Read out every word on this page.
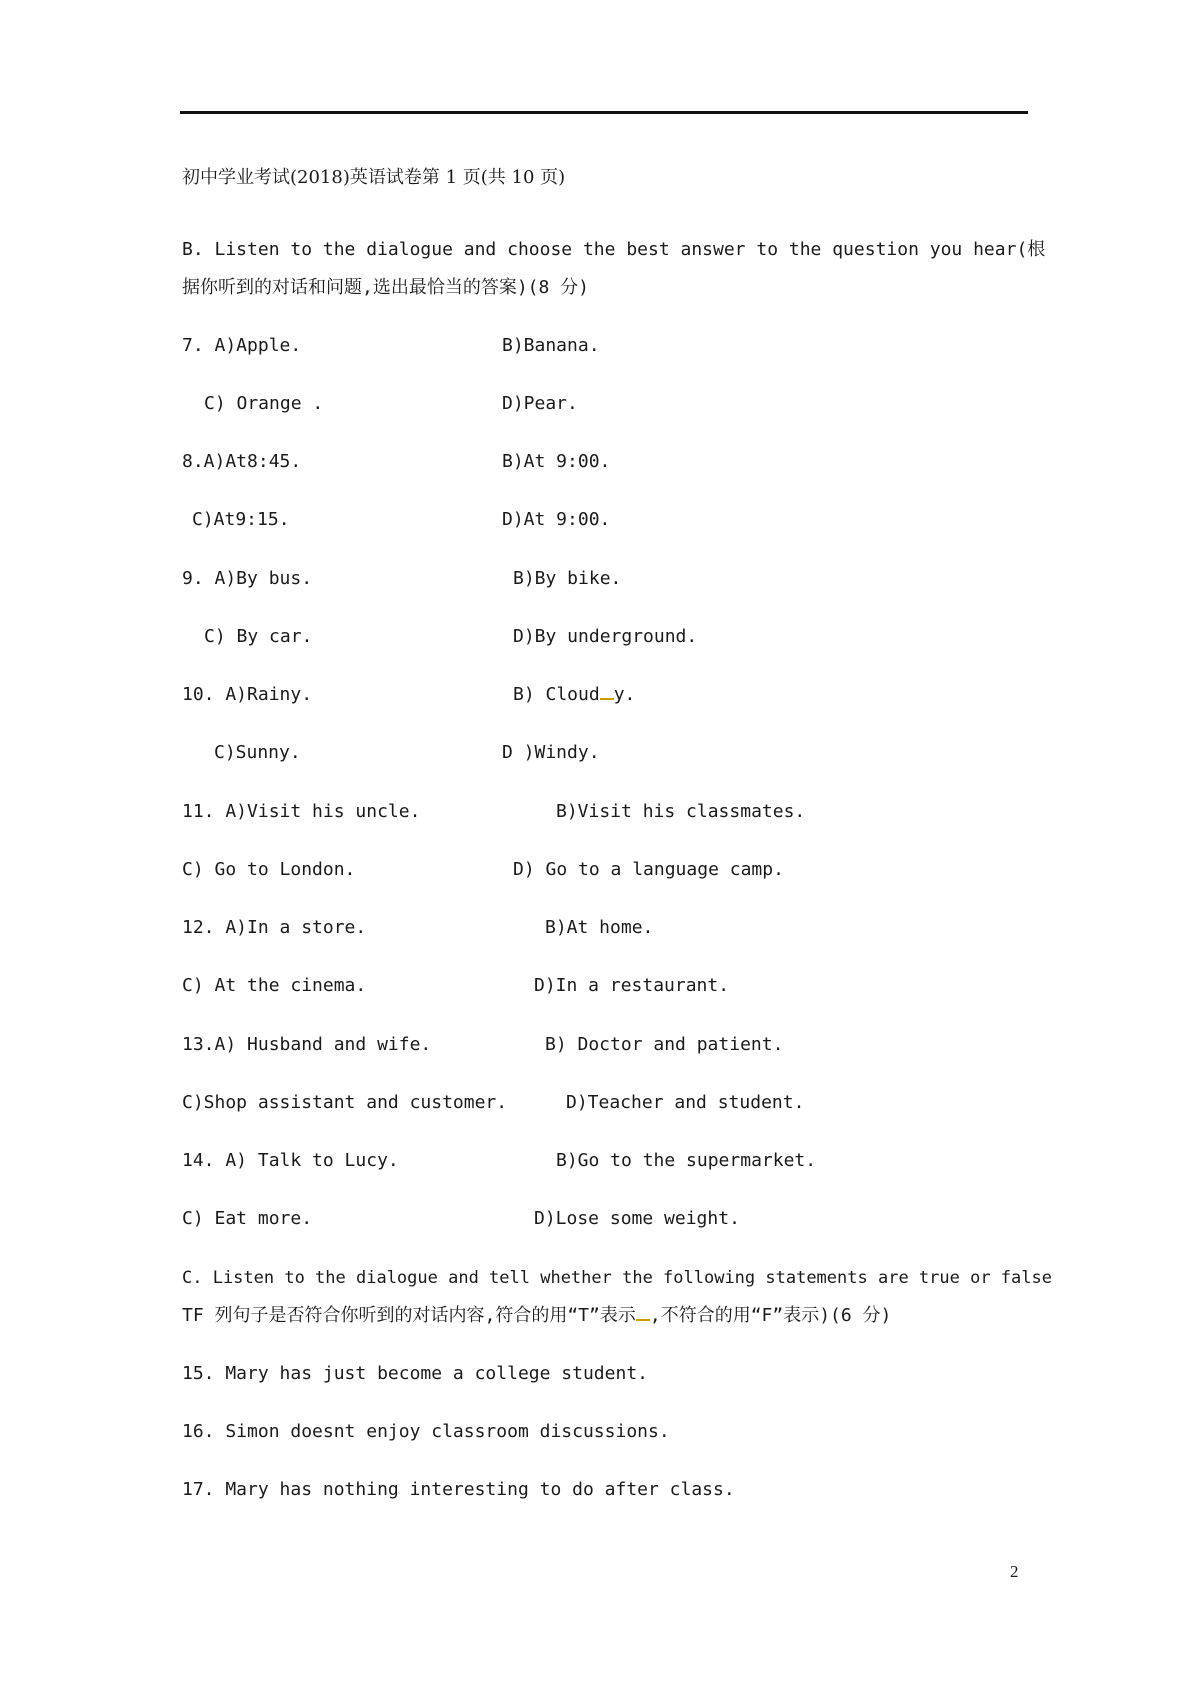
初中学业考试(2018)英语试卷第 1 页(共 10 页)
B. Listen to the dialogue and choose the best answer to the question you hear(根
据你听到的对话和问题,选出最恰当的答案)(8 分)
7. A)Apple.	B)Banana.
C) Orange .	D)Pear.
8.A)At8:45.	B)At 9:00.
C)At9:15.	D)At 9:00.
9. A)By bus.	B)By bike.
C) By car.	D)By underground.
10. A)Rainy.	B) Cloud y.
C)Sunny.	D )Windy.
11. A)Visit his uncle.	B)Visit his classmates.
C) Go to London.	D) Go to a language camp.
12. A)In a store.	B)At home.
C) At the cinema.	D)In a restaurant.
13.A) Husband and wife.	B) Doctor and patient.
C)Shop assistant and customer.	D)Teacher and student.
14. A) Talk to Lucy.	B)Go to the supermarket.
C) Eat more.	D)Lose some weight.
C. Listen to the dialogue and tell whether the following statements are true or false
TF 列句子是否符合你听到的对话内容,符合的用“T”表示 ,不符合的用“F”表示)(6 分)
15. Mary has just become a college student.
16. Simon doesnt enjoy classroom discussions.
17. Mary has nothing interesting to do after class.
2
